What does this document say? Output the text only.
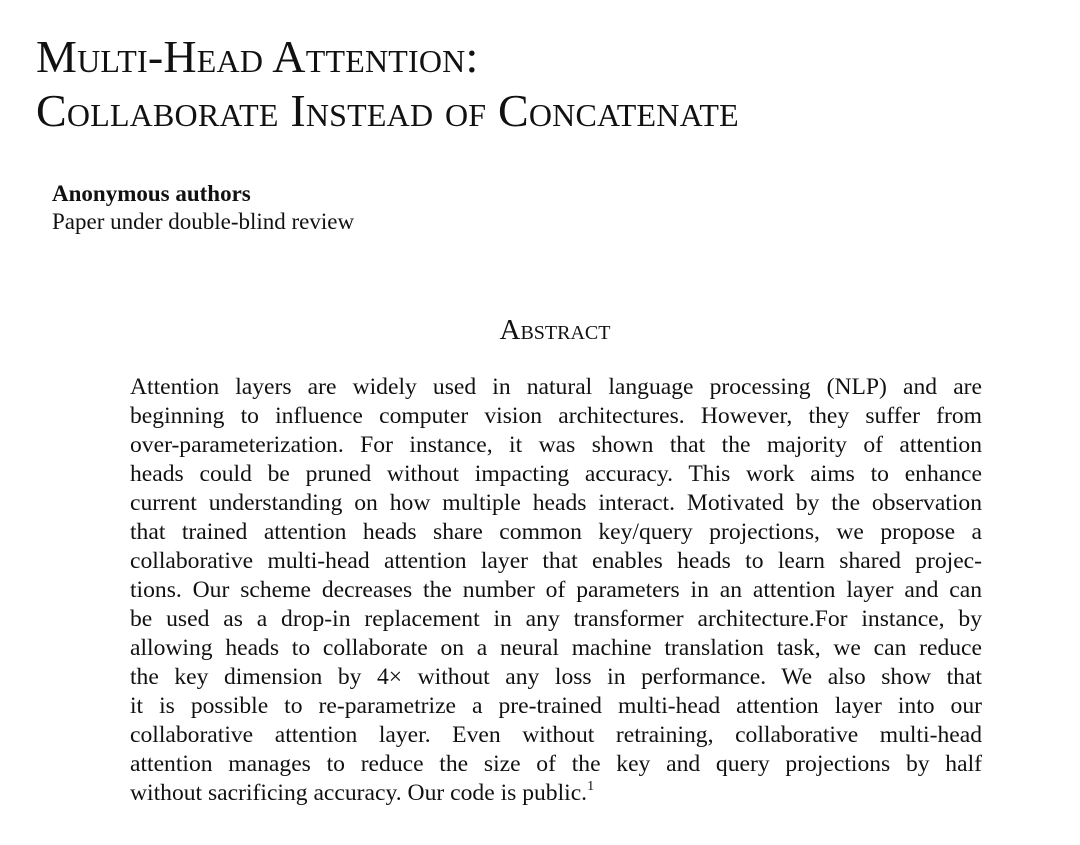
Multi-Head Attention:
Collaborate Instead of Concatenate
Anonymous authors
Paper under double-blind review
Abstract

Attention layers are widely used in natural language processing (NLP) and are
beginning to influence computer vision architectures. However, they suffer from
over-parameterization. For instance, it was shown that the majority of attention
heads could be pruned without impacting accuracy. This work aims to enhance
current understanding on how multiple heads interact. Motivated by the observation
that trained attention heads share common key/query projections, we propose a
collaborative multi-head attention layer that enables heads to learn shared projec-
tions. Our scheme decreases the number of parameters in an attention layer and can
be used as a drop-in replacement in any transformer architecture.For instance, by
allowing heads to collaborate on a neural machine translation task, we can reduce
the key dimension by 4× without any loss in performance. We also show that
it is possible to re-parametrize a pre-trained multi-head attention layer into our
collaborative attention layer. Even without retraining, collaborative multi-head
attention manages to reduce the size of the key and query projections by half
without sacrificing accuracy. Our code is public.$^1$
